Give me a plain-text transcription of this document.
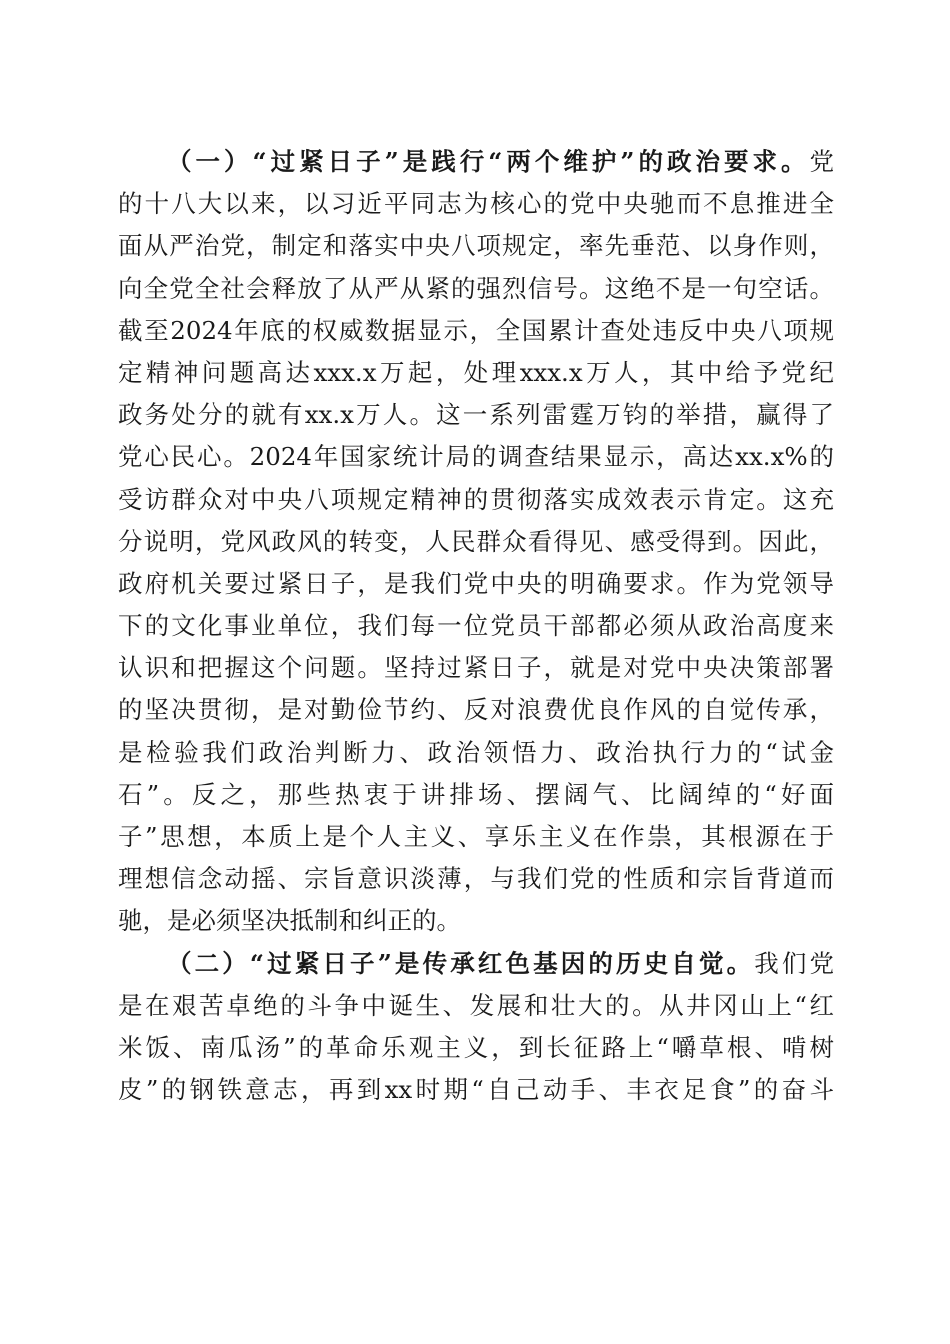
（一）“过紧日子”是践行“两个维护”的政治要求。党
的十八大以来，以习近平同志为核心的党中央驰而不息推进全
面从严治党，制定和落实中央八项规定，率先垂范、以身作则，
向全党全社会释放了从严从紧的强烈信号。这绝不是一句空话。
截至2024年底的权威数据显示，全国累计查处违反中央八项规
定精神问题高达xxx.x万起，处理xxx.x万人，其中给予党纪
政务处分的就有xx.x万人。这一系列雷霆万钧的举措，赢得了
党心民心。2024年国家统计局的调查结果显示，高达xx.x%的
受访群众对中央八项规定精神的贯彻落实成效表示肯定。这充
分说明，党风政风的转变，人民群众看得见、感受得到。因此，
政府机关要过紧日子，是我们党中央的明确要求。作为党领导
下的文化事业单位，我们每一位党员干部都必须从政治高度来
认识和把握这个问题。坚持过紧日子，就是对党中央决策部署
的坚决贯彻，是对勤俭节约、反对浪费优良作风的自觉传承，
是检验我们政治判断力、政治领悟力、政治执行力的“试金
石”。反之，那些热衷于讲排场、摆阔气、比阔绰的“好面
子”思想，本质上是个人主义、享乐主义在作祟，其根源在于
理想信念动摇、宗旨意识淡薄，与我们党的性质和宗旨背道而
驰，是必须坚决抵制和纠正的。
（二）“过紧日子”是传承红色基因的历史自觉。我们党
是在艰苦卓绝的斗争中诞生、发展和壮大的。从井冈山上“红
米饭、南瓜汤”的革命乐观主义，到长征路上“嚼草根、啃树
皮”的钢铁意志，再到xx时期“自己动手、丰衣足食”的奋斗
